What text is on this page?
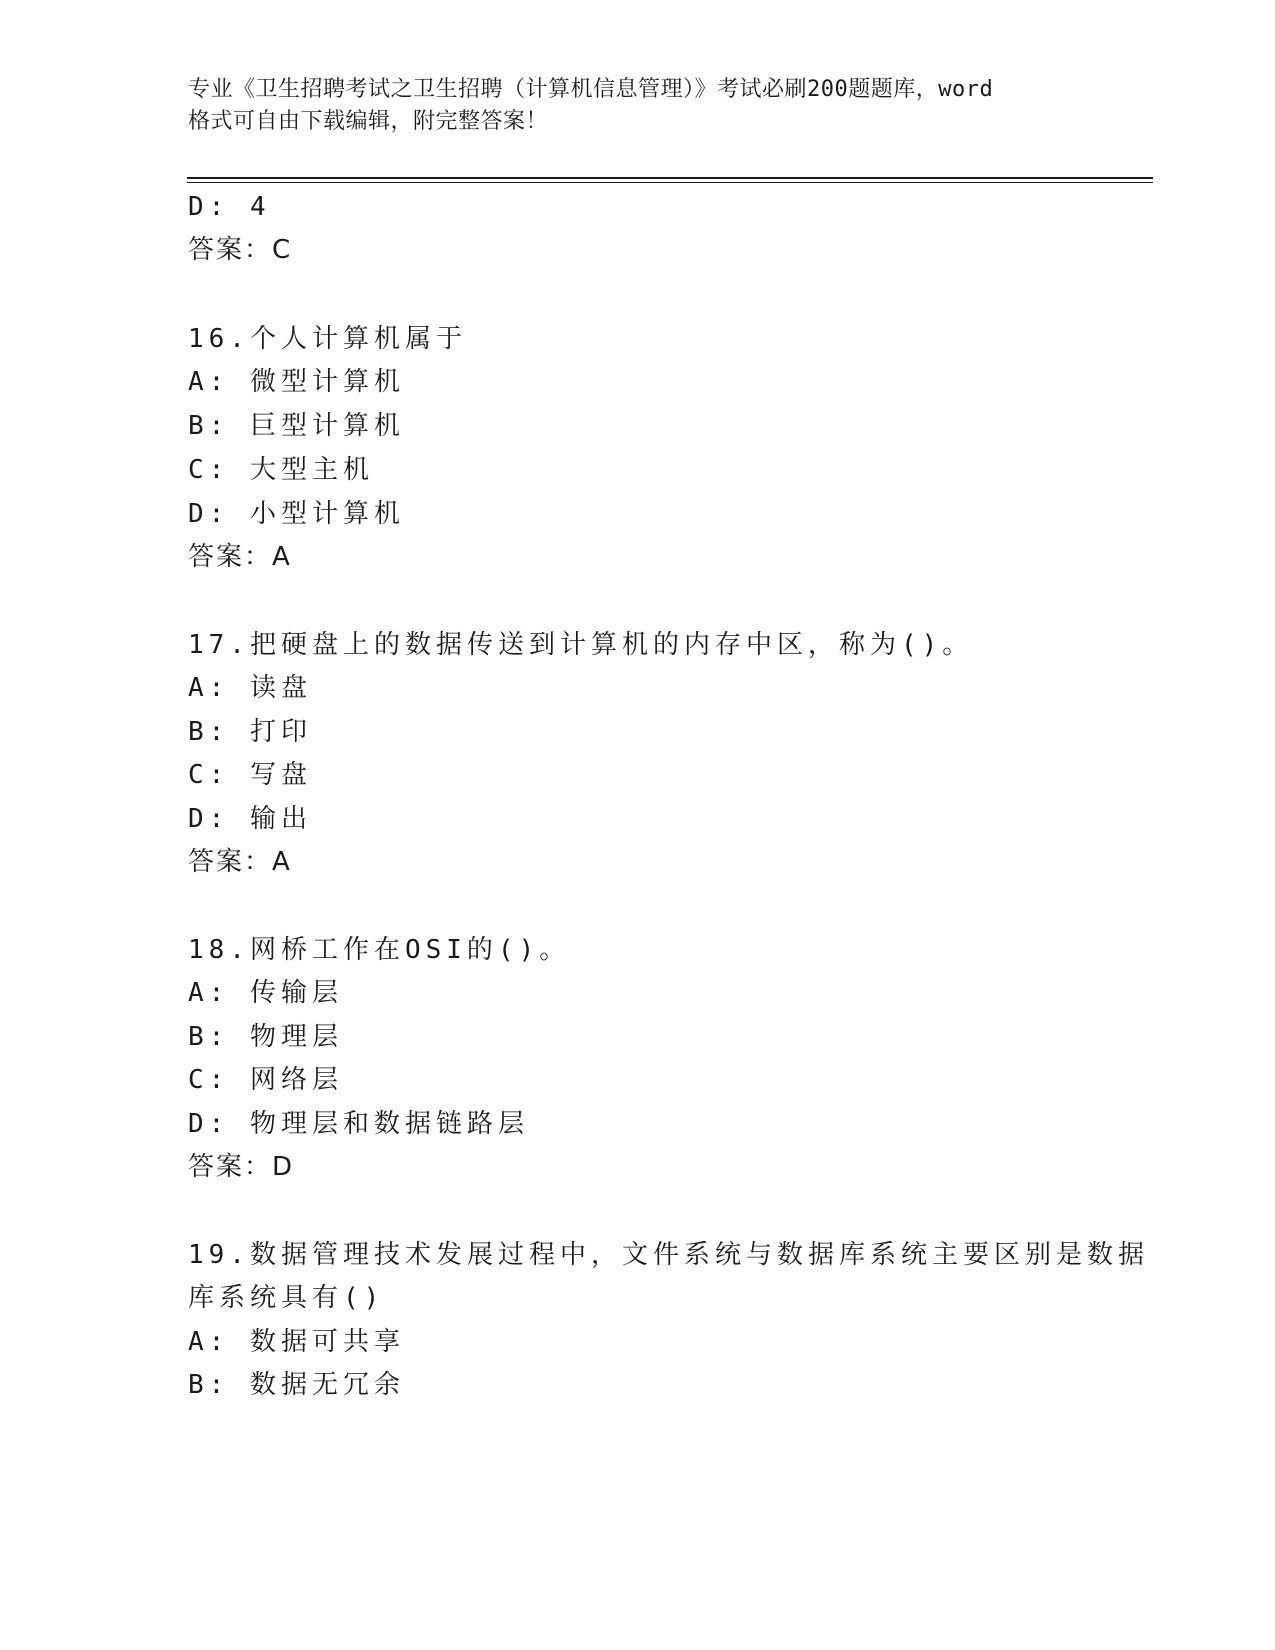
专业《卫生招聘考试之卫生招聘（计算机信息管理）》考试必刷200题题库，word

格式可自由下载编辑，附完整答案！

D: 4
答案：C
16.个人计算机属于
A: 微型计算机
B: 巨型计算机
C: 大型主机
D: 小型计算机
答案：A
17.把硬盘上的数据传送到计算机的内存中区，称为()。
A: 读盘
B: 打印
C: 写盘
D: 输出
答案：A
18.网桥工作在OSI的()。
A: 传输层
B: 物理层
C: 网络层
D: 物理层和数据链路层
答案：D
19.数据管理技术发展过程中，文件系统与数据库系统主要区别是数据
库系统具有()
A: 数据可共享
B: 数据无冗余
